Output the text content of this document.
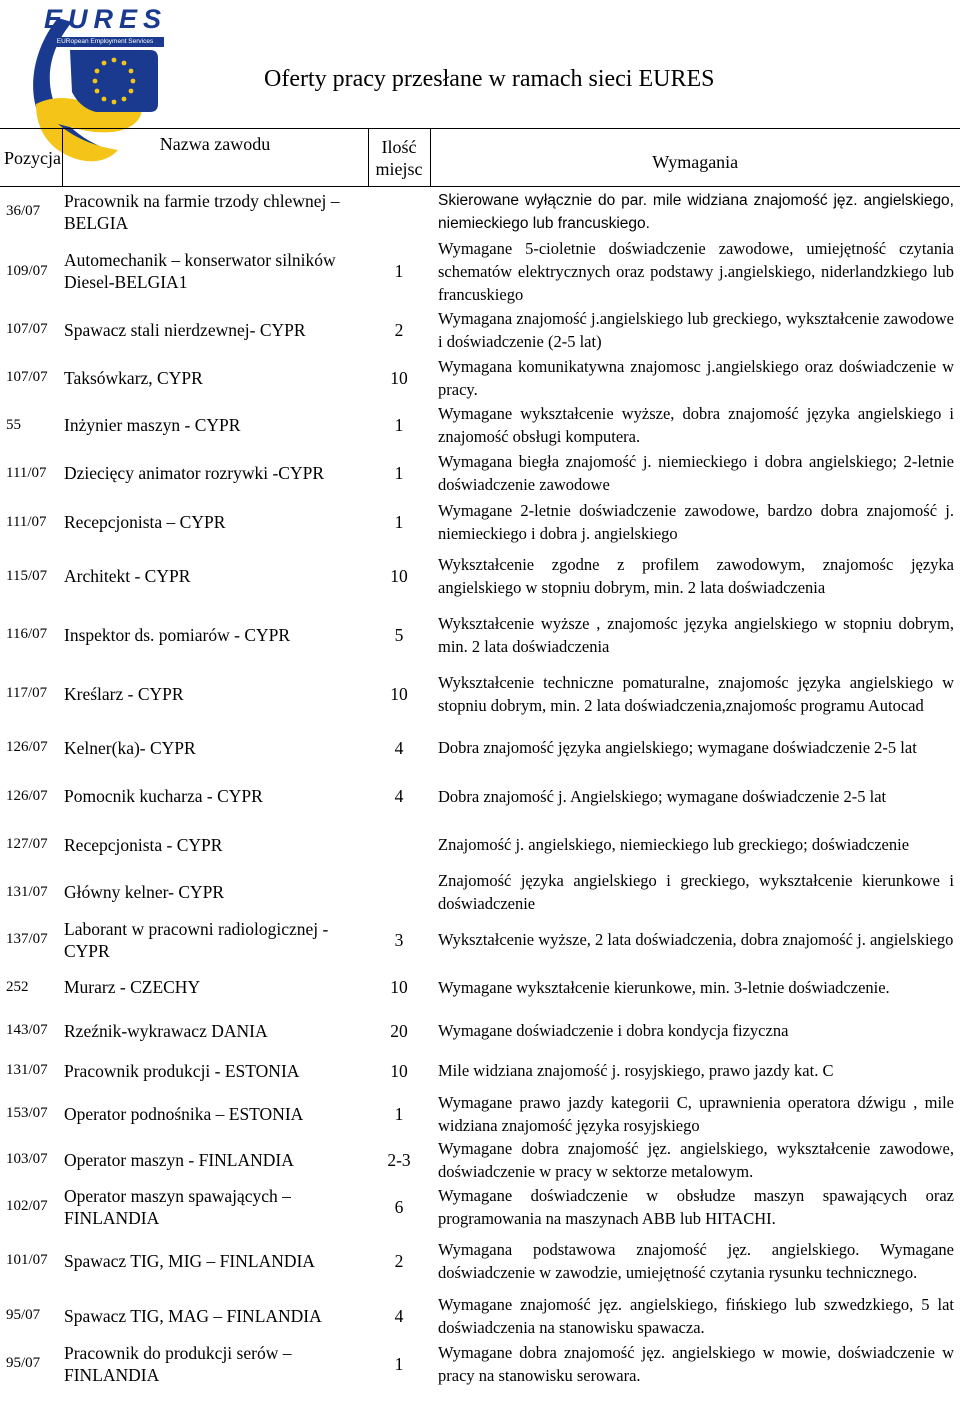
EURES
EURopean Employment Services
Oferty pracy przesłane w ramach sieci EURES
Pozycja	Nazwa zawodu	Ilość miejsc	Wymagania
36/07	Pracownik na farmie trzody chlewnej – BELGIA		Skierowane wyłącznie do par. mile widziana znajomość jęz. angielskiego, niemieckiego lub francuskiego.
109/07	Automechanik – konserwator silników Diesel-BELGIA1	1	Wymagane 5-cioletnie doświadczenie zawodowe, umiejętność czytania schematów elektrycznych oraz podstawy j.angielskiego, niderlandzkiego lub francuskiego
107/07	Spawacz stali nierdzewnej- CYPR	2	Wymagana znajomość j.angielskiego lub greckiego, wykształcenie zawodowe i doświadczenie (2-5 lat)
107/07	Taksówkarz, CYPR	10	Wymagana komunikatywna znajomosc j.angielskiego oraz doświadczenie w pracy.
55	Inżynier maszyn - CYPR	1	Wymagane wykształcenie wyższe, dobra znajomość języka angielskiego i znajomość obsługi komputera.
111/07	Dziecięcy animator rozrywki -CYPR	1	Wymagana biegła znajomość j. niemieckiego i dobra angielskiego; 2-letnie doświadczenie zawodowe
111/07	Recepcjonista – CYPR	1	Wymagane 2-letnie doświadczenie zawodowe, bardzo dobra znajomość j. niemieckiego i dobra j. angielskiego
115/07	Architekt - CYPR	10	Wykształcenie zgodne z profilem zawodowym, znajomośc języka angielskiego w stopniu dobrym, min. 2 lata doświadczenia
116/07	Inspektor ds. pomiarów - CYPR	5	Wykształcenie wyższe , znajomośc języka angielskiego w stopniu dobrym, min. 2 lata doświadczenia
117/07	Kreślarz - CYPR	10	Wykształcenie techniczne pomaturalne, znajomośc języka angielskiego w stopniu dobrym, min. 2 lata doświadczenia,znajomośc programu Autocad
126/07	Kelner(ka)- CYPR	4	Dobra znajomość języka angielskiego; wymagane doświadczenie 2-5 lat
126/07	Pomocnik kucharza - CYPR	4	Dobra znajomość j. Angielskiego; wymagane doświadczenie 2-5 lat
127/07	Recepcjonista - CYPR		Znajomość j. angielskiego, niemieckiego lub greckiego; doświadczenie
131/07	Główny kelner- CYPR		Znajomość języka angielskiego i greckiego, wykształcenie kierunkowe i doświadczenie
137/07	Laborant w pracowni radiologicznej - CYPR	3	Wykształcenie wyższe, 2 lata doświadczenia, dobra znajomość j. angielskiego
252	Murarz - CZECHY	10	Wymagane wykształcenie kierunkowe, min. 3-letnie doświadczenie.
143/07	Rzeźnik-wykrawacz DANIA	20	Wymagane doświadczenie i dobra kondycja fizyczna
131/07	Pracownik produkcji - ESTONIA	10	Mile widziana znajomość j. rosyjskiego, prawo jazdy kat. C
153/07	Operator podnośnika – ESTONIA	1	Wymagane prawo jazdy kategorii C, uprawnienia operatora dźwigu , mile widziana znajomość języka rosyjskiego
103/07	Operator maszyn - FINLANDIA	2-3	Wymagane dobra znajomość jęz. angielskiego, wykształcenie zawodowe, doświadczenie w pracy w sektorze metalowym.
102/07	Operator maszyn spawających – FINLANDIA	6	Wymagane doświadczenie w obsłudze maszyn spawających oraz programowania na maszynach ABB lub HITACHI.
101/07	Spawacz TIG, MIG – FINLANDIA	2	Wymagana podstawowa znajomość jęz. angielskiego. Wymagane doświadczenie w zawodzie, umiejętność czytania rysunku technicznego.
95/07	Spawacz TIG, MAG – FINLANDIA	4	Wymagane znajomość jęz. angielskiego, fińskiego lub szwedzkiego, 5 lat doświadczenia na stanowisku spawacza.
95/07	Pracownik do produkcji serów – FINLANDIA	1	Wymagane dobra znajomość jęz. angielskiego w mowie, doświadczenie w pracy na stanowisku serowara.
